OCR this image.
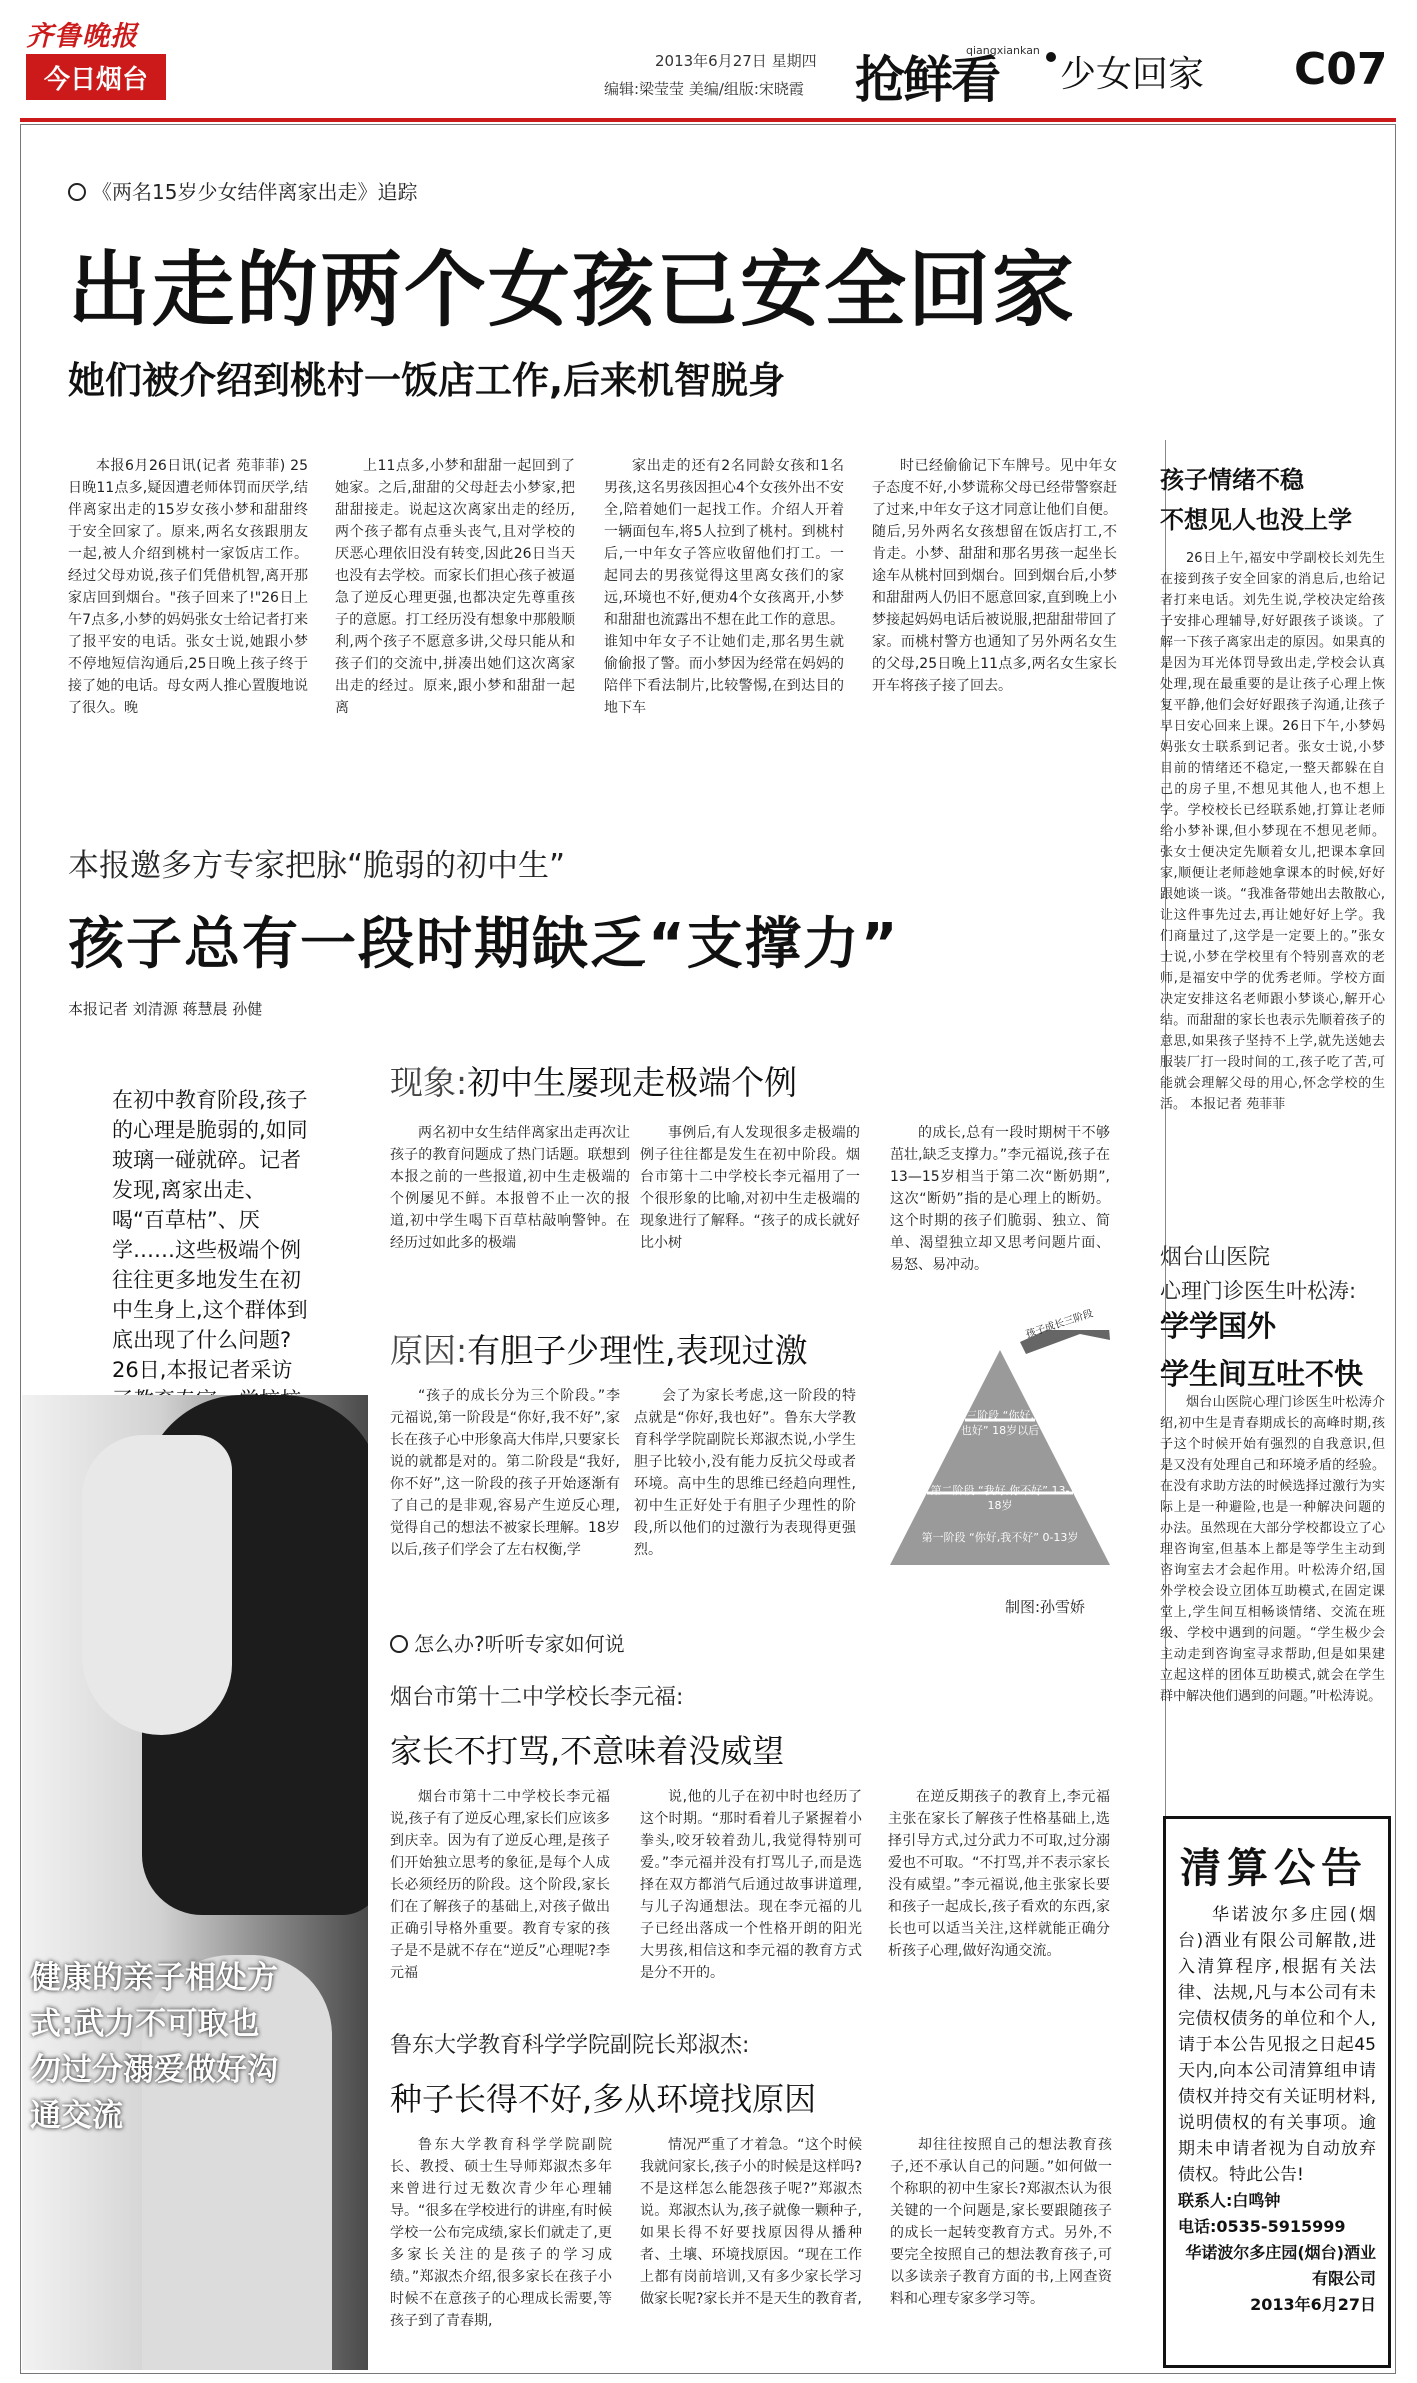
齐鲁晚报
今日烟台
2013年6月27日 星期四
编辑:梁莹莹 美编/组版:宋晓霞 抢鲜看
qiangxiankan
少女回家 C07
《两名15岁少女结伴离家出走》追踪
出走的两个女孩已安全回家
她们被介绍到桃村一饭店工作,后来机智脱身

本报6月26日讯(记者 苑菲菲) 25日晚11点多,疑因遭老师体罚而厌学,结伴离家出走的15岁女孩小梦和甜甜终于安全回家了。原来,两名女孩跟朋友一起,被人介绍到桃村一家饭店工作。经过父母劝说,孩子们凭借机智,离开那家店回到烟台。"孩子回来了!"26日上午7点多,小梦的妈妈张女士给记者打来了报平安的电话。张女士说,她跟小梦不停地短信沟通后,25日晚上孩子终于接了她的电话。母女两人推心置腹地说了很久。晚

上11点多,小梦和甜甜一起回到了她家。之后,甜甜的父母赶去小梦家,把甜甜接走。说起这次离家出走的经历,两个孩子都有点垂头丧气,且对学校的厌恶心理依旧没有转变,因此26日当天也没有去学校。而家长们担心孩子被逼急了逆反心理更强,也都决定先尊重孩子的意愿。打工经历没有想象中那般顺利,两个孩子不愿意多讲,父母只能从和孩子们的交流中,拼凑出她们这次离家出走的经过。原来,跟小梦和甜甜一起离

家出走的还有2名同龄女孩和1名男孩,这名男孩因担心4个女孩外出不安全,陪着她们一起找工作。介绍人开着一辆面包车,将5人拉到了桃村。到桃村后,一中年女子答应收留他们打工。一起同去的男孩觉得这里离女孩们的家远,环境也不好,便劝4个女孩离开,小梦和甜甜也流露出不想在此工作的意思。谁知中年女子不让她们走,那名男生就偷偷报了警。而小梦因为经常在妈妈的陪伴下看法制片,比较警惕,在到达目的地下车

时已经偷偷记下车牌号。见中年女子态度不好,小梦谎称父母已经带警察赶了过来,中年女子这才同意让他们自便。随后,另外两名女孩想留在饭店打工,不肯走。小梦、甜甜和那名男孩一起坐长途车从桃村回到烟台。回到烟台后,小梦和甜甜两人仍旧不愿意回家,直到晚上小梦接起妈妈电话后被说服,把甜甜带回了家。而桃村警方也通知了另外两名女生的父母,25日晚上11点多,两名女生家长开车将孩子接了回去。

本报邀多方专家把脉“脆弱的初中生”
孩子总有一段时期缺乏“支撑力”
本报记者 刘清源 蒋慧晨 孙健
在初中教育阶段,孩子的心理是脆弱的,如同玻璃一碰就碎。记者发现,离家出走、喝“百草枯”、厌学……这些极端个例往往更多地发生在初中生身上,这个群体到底出现了什么问题?26日,本报记者采访
现象:初中生屡现走极端个例

两名初中女生结伴离家出走再次让孩子的教育问题成了热门话题。联想到本报之前的一些报道,初中生走极端的个例屡见不鲜。本报曾不止一次的报道,初中学生喝下百草枯敲响警钟。在经历过如此多的极端

事例后,有人发现很多走极端的例子往往都是发生在初中阶段。烟台市第十二中学校长李元福用了一个很形象的比喻,对初中生走极端的现象进行了解释。“孩子的成长就好比小树

的成长,总有一段时期树干不够茁壮,缺乏支撑力。”李元福说,孩子在13—15岁相当于第二次“断奶期”,这次“断奶”指的是心理上的断奶。这个时期的孩子们脆弱、独立、简单、渴望独立却又思考问题片面、易怒、易冲动。

原因:有胆子少理性,表现过激

“孩子的成长分为三个阶段。”李元福说,第一阶段是“你好,我不好”,家长在孩子心中形象高大伟岸,只要家长说的就都是对的。第二阶段是“我好,你不好”,这一阶段的孩子开始逐渐有了自己的是非观,容易产生逆反心理,觉得自己的想法不被家长理解。18岁以后,孩子们学会了左右权衡,学

会了为家长考虑,这一阶段的特点就是“你好,我也好”。鲁东大学教育科学学院副院长郑淑杰说,小学生胆子比较小,没有能力反抗父母或者环境。高中生的思维已经趋向理性,初中生正好处于有胆子少理性的阶段,所以他们的过激行为表现得更强烈。

孩子成长三阶段
第三阶段 “你好,我也好” 18岁以后
第二阶段 “我好,你不好” 13-18岁
第一阶段 “你好,我不好” 0-13岁
制图:孙雪娇
怎么办?听听专家如何说
烟台市第十二中学校长李元福:
家长不打骂,不意味着没威望

烟台市第十二中学校长李元福说,孩子有了逆反心理,家长们应该多到庆幸。因为有了逆反心理,是孩子们开始独立思考的象征,是每个人成长必须经历的阶段。这个阶段,家长们在了解孩子的基础上,对孩子做出正确引导格外重要。教育专家的孩子是不是就不存在“逆反”心理呢?李元福

说,他的儿子在初中时也经历了这个时期。“那时看着儿子紧握着小拳头,咬牙较着劲儿,我觉得特别可爱。”李元福并没有打骂儿子,而是选择在双方都消气后通过故事讲道理,与儿子沟通想法。现在李元福的儿子已经出落成一个性格开朗的阳光大男孩,相信这和李元福的教育方式是分不开的。

在逆反期孩子的教育上,李元福主张在家长了解孩子性格基础上,选择引导方式,过分武力不可取,过分溺爱也不可取。“不打骂,并不表示家长没有威望。”李元福说,他主张家长要和孩子一起成长,孩子看欢的东西,家长也可以适当关注,这样就能正确分析孩子心理,做好沟通交流。

鲁东大学教育科学学院副院长郑淑杰:
种子长得不好,多从环境找原因

鲁东大学教育科学学院副院长、教授、硕士生导师郑淑杰多年来曾进行过无数次青少年心理辅导。“很多在学校进行的讲座,有时候学校一公布完成绩,家长们就走了,更多家长关注的是孩子的学习成绩。”郑淑杰介绍,很多家长在孩子小时候不在意孩子的心理成长需要,等孩子到了青春期,

情况严重了才着急。“这个时候我就问家长,孩子小的时候是这样吗?不是这样怎么能怨孩子呢?”郑淑杰说。郑淑杰认为,孩子就像一颗种子,如果长得不好要找原因得从播种者、土壤、环境找原因。“现在工作上都有岗前培训,又有多少家长学习做家长呢?家长并不是天生的教育者,

却往往按照自己的想法教育孩子,还不承认自己的问题。”如何做一个称职的初中生家长?郑淑杰认为很关键的一个问题是,家长要跟随孩子的成长一起转变教育方式。另外,不要完全按照自己的想法教育孩子,可以多读亲子教育方面的书,上网查资料和心理专家多学习等。

健康的亲子相处方式:武力不可取也勿过分溺爱做好沟通交流
孩子情绪不稳
不想见人也没上学

26日上午,福安中学副校长刘先生在接到孩子安全回家的消息后,也给记者打来电话。刘先生说,学校决定给孩子安排心理辅导,好好跟孩子谈谈。了解一下孩子离家出走的原因。如果真的是因为耳光体罚导致出走,学校会认真处理,现在最重要的是让孩子心理上恢复平静,他们会好好跟孩子沟通,让孩子早日安心回来上课。26日下午,小梦妈妈张女士联系到记者。张女士说,小梦目前的情绪还不稳定,一整天都躲在自己的房子里,不想见其他人,也不想上学。学校校长已经联系她,打算让老师给小梦补课,但小梦现在不想见老师。张女士便决定先顺着女儿,把课本拿回家,顺便让老师趁她拿课本的时候,好好跟她谈一谈。“我准备带她出去散散心,让这件事先过去,再让她好好上学。我们商量过了,这学是一定要上的。”张女士说,小梦在学校里有个特别喜欢的老师,是福安中学的优秀老师。学校方面决定安排这名老师跟小梦谈心,解开心结。而甜甜的家长也表示先顺着孩子的意思,如果孩子坚持不上学,就先送她去服装厂打一段时间的工,孩子吃了苦,可能就会理解父母的用心,怀念学校的生活。 本报记者 苑菲菲

烟台山医院
心理门诊医生叶松涛:
学学国外
学生间互吐不快

烟台山医院心理门诊医生叶松涛介绍,初中生是青春期成长的高峰时期,孩子这个时候开始有强烈的自我意识,但是又没有处理自己和环境矛盾的经验。在没有求助方法的时候选择过激行为实际上是一种避险,也是一种解决问题的办法。虽然现在大部分学校都设立了心理咨询室,但基本上都是等学生主动到咨询室去才会起作用。叶松涛介绍,国外学校会设立团体互助模式,在固定课堂上,学生间互相畅谈情绪、交流在班级、学校中遇到的问题。“学生极少会主动走到咨询室寻求帮助,但是如果建立起这样的团体互助模式,就会在学生群中解决他们遇到的问题。”叶松涛说。

清算公告

华诺波尔多庄园(烟台)酒业有限公司解散,进入清算程序,根据有关法律、法规,凡与本公司有未完债权债务的单位和个人,请于本公告见报之日起45天内,向本公司清算组申请债权并持交有关证明材料,说明债权的有关事项。逾期未申请者视为自动放弃债权。特此公告!

联系人:白鸣钟
电话:0535-5915999
华诺波尔多庄园(烟台)酒业有限公司
2013年6月27日
